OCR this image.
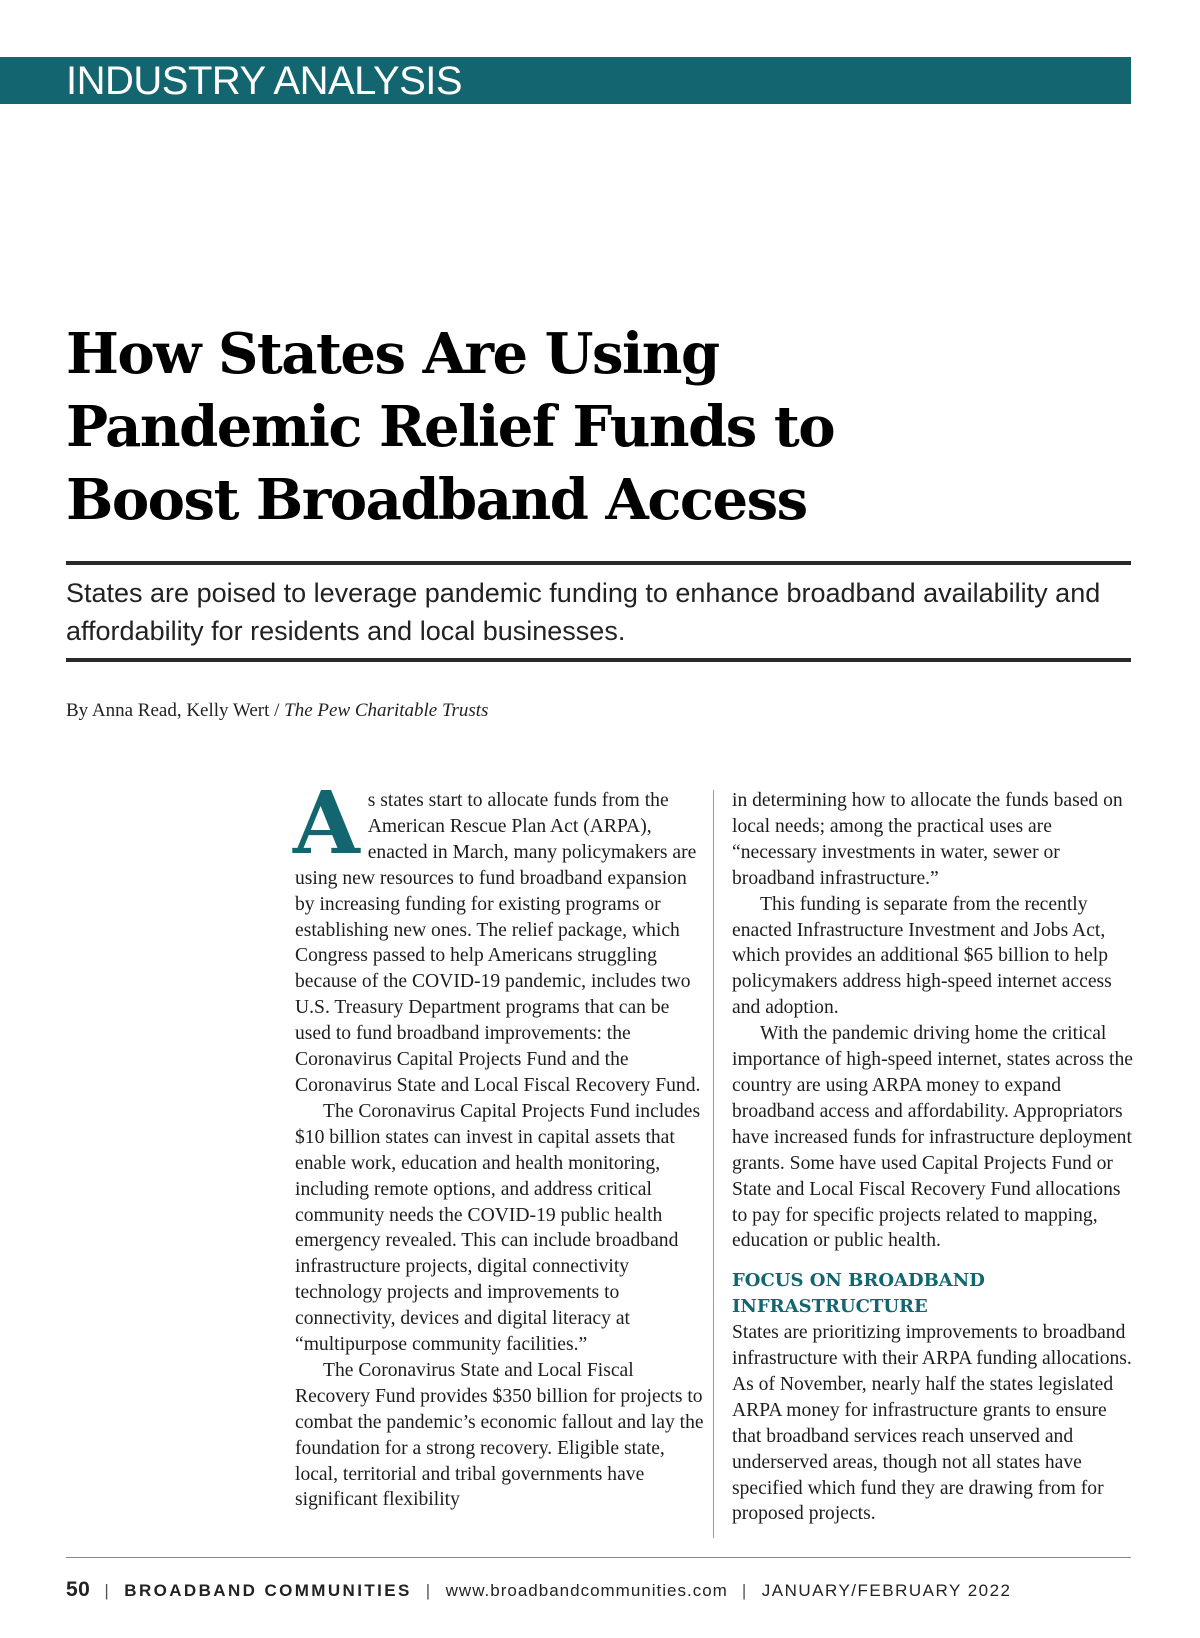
INDUSTRY ANALYSIS
How States Are Using Pandemic Relief Funds to Boost Broadband Access

States are poised to leverage pandemic funding to enhance broadband availability and affordability for residents and local businesses.

By Anna Read, Kelly Wert / The Pew Charitable Trusts

As states start to allocate funds from the American Rescue Plan Act (ARPA), enacted in March, many policymakers are using new resources to fund broadband expansion by increasing funding for existing programs or establishing new ones. The relief package, which Congress passed to help Americans struggling because of the COVID-19 pandemic, includes two U.S. Treasury Department programs that can be used to fund broadband improvements: the Coronavirus Capital Projects Fund and the Coronavirus State and Local Fiscal Recovery Fund.

The Coronavirus Capital Projects Fund includes $10 billion states can invest in capital assets that enable work, education and health monitoring, including remote options, and address critical community needs the COVID-19 public health emergency revealed. This can include broadband infrastructure projects, digital connectivity technology projects and improvements to connectivity, devices and digital literacy at “multipurpose community facilities.”

The Coronavirus State and Local Fiscal Recovery Fund provides $350 billion for projects to combat the pandemic’s economic fallout and lay the foundation for a strong recovery. Eligible state, local, territorial and tribal governments have significant flexibility

in determining how to allocate the funds based on local needs; among the practical uses are “necessary investments in water, sewer or broadband infrastructure.”

This funding is separate from the recently enacted Infrastructure Investment and Jobs Act, which provides an additional $65 billion to help policymakers address high-speed internet access and adoption.

With the pandemic driving home the critical importance of high-speed internet, states across the country are using ARPA money to expand broadband access and affordability. Appropriators have increased funds for infrastructure deployment grants. Some have used Capital Projects Fund or State and Local Fiscal Recovery Fund allocations to pay for specific projects related to mapping, education or public health.

FOCUS ON BROADBAND INFRASTRUCTURE

States are prioritizing improvements to broadband infrastructure with their ARPA funding allocations. As of November, nearly half the states legislated ARPA money for infrastructure grants to ensure that broadband services reach unserved and underserved areas, though not all states have specified which fund they are drawing from for proposed projects.

50 | BROADBAND COMMUNITIES | www.broadbandcommunities.com | JANUARY/FEBRUARY 2022
